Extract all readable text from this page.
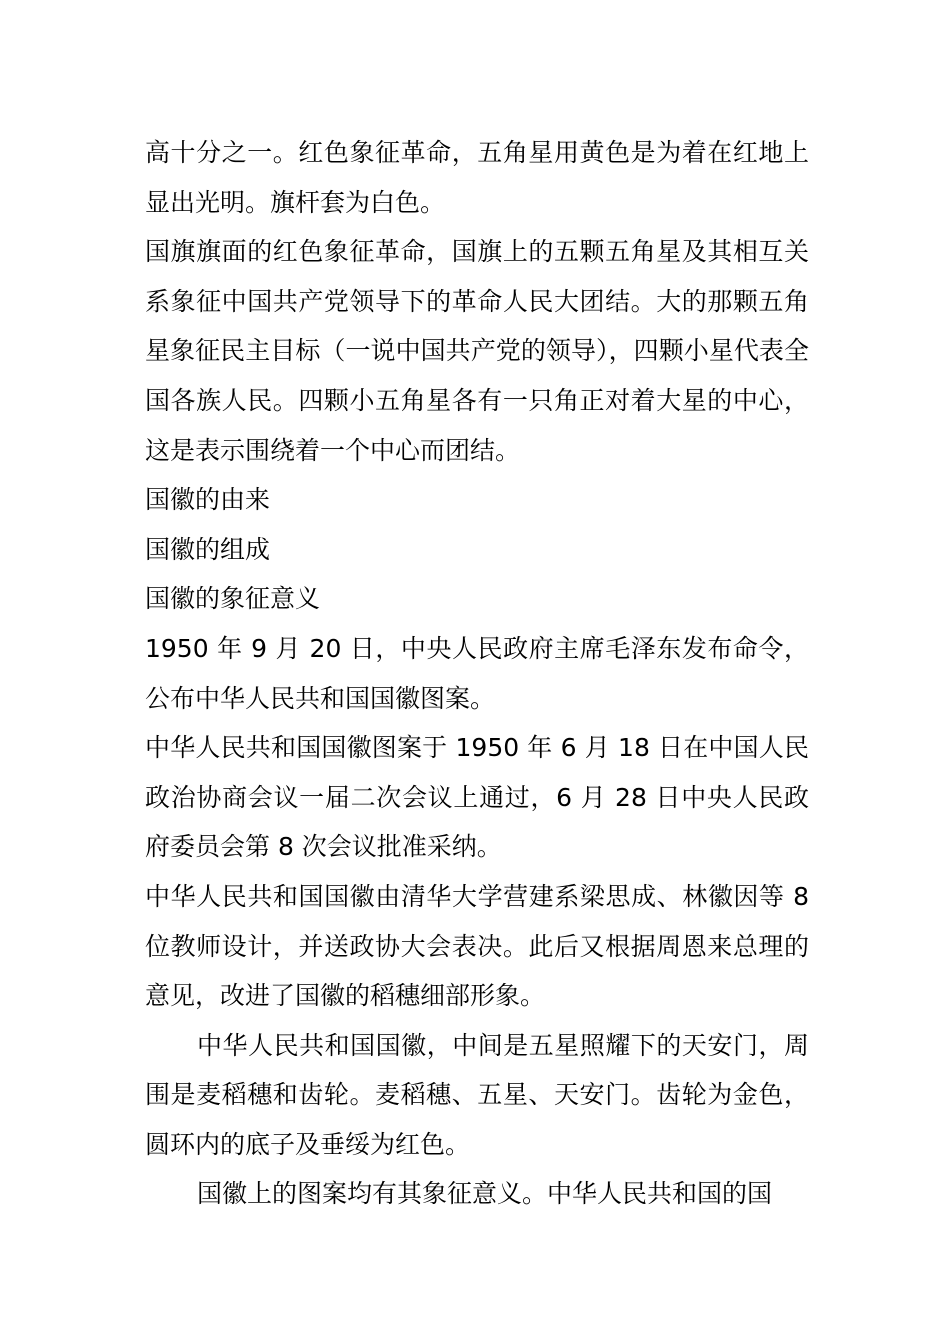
高十分之一。红色象征革命，五角星用黄色是为着在红地上显出光明。旗杆套为白色。

国旗旗面的红色象征革命，国旗上的五颗五角星及其相互关系象征中国共产党领导下的革命人民大团结。大的那颗五角星象征民主目标（一说中国共产党的领导），四颗小星代表全国各族人民。四颗小五角星各有一只角正对着大星的中心，这是表示围绕着一个中心而团结。

国徽的由来

国徽的组成

国徽的象征意义

1950 年 9 月 20 日，中央人民政府主席毛泽东发布命令，公布中华人民共和国国徽图案。

中华人民共和国国徽图案于 1950 年 6 月 18 日在中国人民政治协商会议一届二次会议上通过，6 月 28 日中央人民政府委员会第 8 次会议批准采纳。

中华人民共和国国徽由清华大学营建系梁思成、林徽因等 8 位教师设计，并送政协大会表决。此后又根据周恩来总理的意见，改进了国徽的稻穗细部形象。

中华人民共和国国徽，中间是五星照耀下的天安门，周围是麦稻穗和齿轮。麦稻穗、五星、天安门。齿轮为金色，圆环内的底子及垂绥为红色。

国徽上的图案均有其象征意义。中华人民共和国的国
